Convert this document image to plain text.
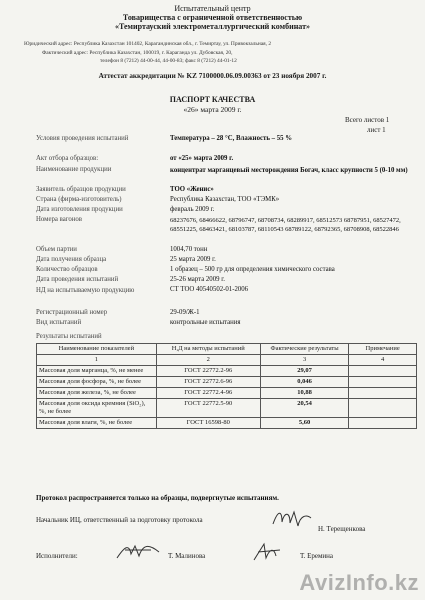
Испытательный центр
Товарищества с ограниченной ответственностью
«Темиртауский электрометаллургический комбинат»
Юридический адрес: Республика Казахстан 101402, Карагандинская обл., г. Темиртау, ул. Привокзальная, 2
Фактический адрес: Республика Казахстан, 100019, г. Караганда ул. Дубовская, 20,
телефон 8 (7212) 44-00-44, 44-00-83; факс 8 (7212) 44-01-12
Аттестат аккредитации № KZ 7100000.06.09.00363 от 23 ноября 2007 г.
ПАСПОРТ КАЧЕСТВА
«26» марта 2009 г.
Всего листов 1
лист 1
Условия проведения испытаний	Температура – 28 °С, Влажность – 55 %
Акт отбора образцов:	от «25» марта 2009 г.
Наименование продукции	концентрат марганцевый месторождения Богач, класс крупности 5 (0-10 мм)
Заявитель образцов продукции	ТОО «Женис»
Страна (фирма-изготовитель)	Республика Казахстан, ТОО «ТЭМК»
Дата изготовления продукции	февраль 2009 г.
Номера вагонов	68237676, 68466622, 68796747, 68708734, 68289917, 68512573 68787951, 68527472, 68551225, 68463421, 68103787, 68110543 68789122, 68792365, 68708908, 68522846
Объем партии	1004,70 тонн
Дата получения образца	25 марта 2009 г.
Количество образцов	1 образец – 500 гр для определения химического состава
Дата проведения испытаний	25-26 марта 2009 г.
НД на испытываемую продукцию	СТ ТОО 40540502-01-2006
Регистрационный номер	29-09/Ж-1
Вид испытаний	контрольные испытания
Результаты испытаний
Наименование показателей	Н,Д на методы испытаний	Фактические результаты	Примечание
1	2	3	4
Массовая доля марганца, %, не менее	ГОСТ 22772.2-96	29,07	
Массовая доля фосфора, %, не более	ГОСТ 22772.6-96	0,046	
Массовая доля железа, %, не более	ГОСТ 22772.4-96	10,88	
Массовая доля оксида кремния (SiO₂), %, не более	ГОСТ 22772.5-90	20,54	
Массовая доля влаги, %, не более	ГОСТ 16598-80	5,60	
Протокол распространяется только на образцы, подвергнутые испытаниям.
Начальник ИЦ, ответственный за подготовку протокола
Н. Терещенкова
Исполнители:	Т. Малинова	Т. Еремина
AvizInfo.kz
